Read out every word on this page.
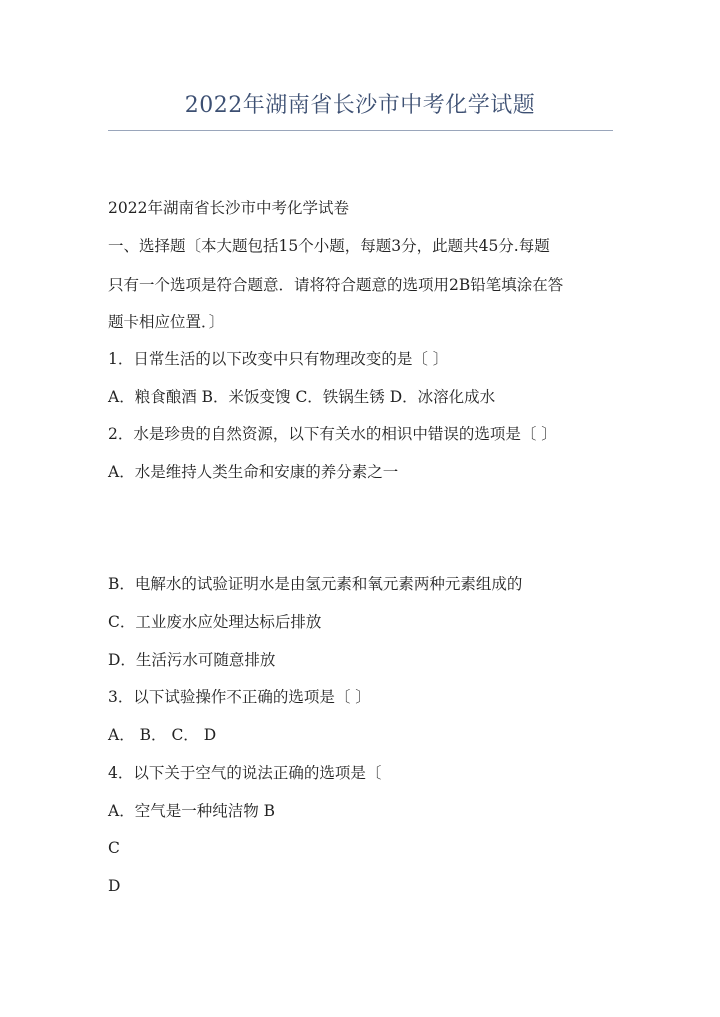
2022年湖南省长沙市中考化学试题
2022年湖南省长沙市中考化学试卷
一、选择题〔本大题包括15个小题，每题3分，此题共45分.每题
只有一个选项是符合题意．请将符合题意的选项用2B铅笔填涂在答
题卡相应位置．〕
1．日常生活的以下改变中只有物理改变的是〔 〕
A．粮食酿酒 B．米饭变馊 C．铁锅生锈 D．冰溶化成水
2．水是珍贵的自然资源，以下有关水的相识中错误的选项是〔 〕
A．水是维持人类生命和安康的养分素之一
B．电解水的试验证明水是由氢元素和氧元素两种元素组成的
C．工业废水应处理达标后排放
D．生活污水可随意排放
3．以下试验操作不正确的选项是〔 〕
A． B． C． D
4．以下关于空气的说法正确的选项是〔
A．空气是一种纯洁物 B
C
D
